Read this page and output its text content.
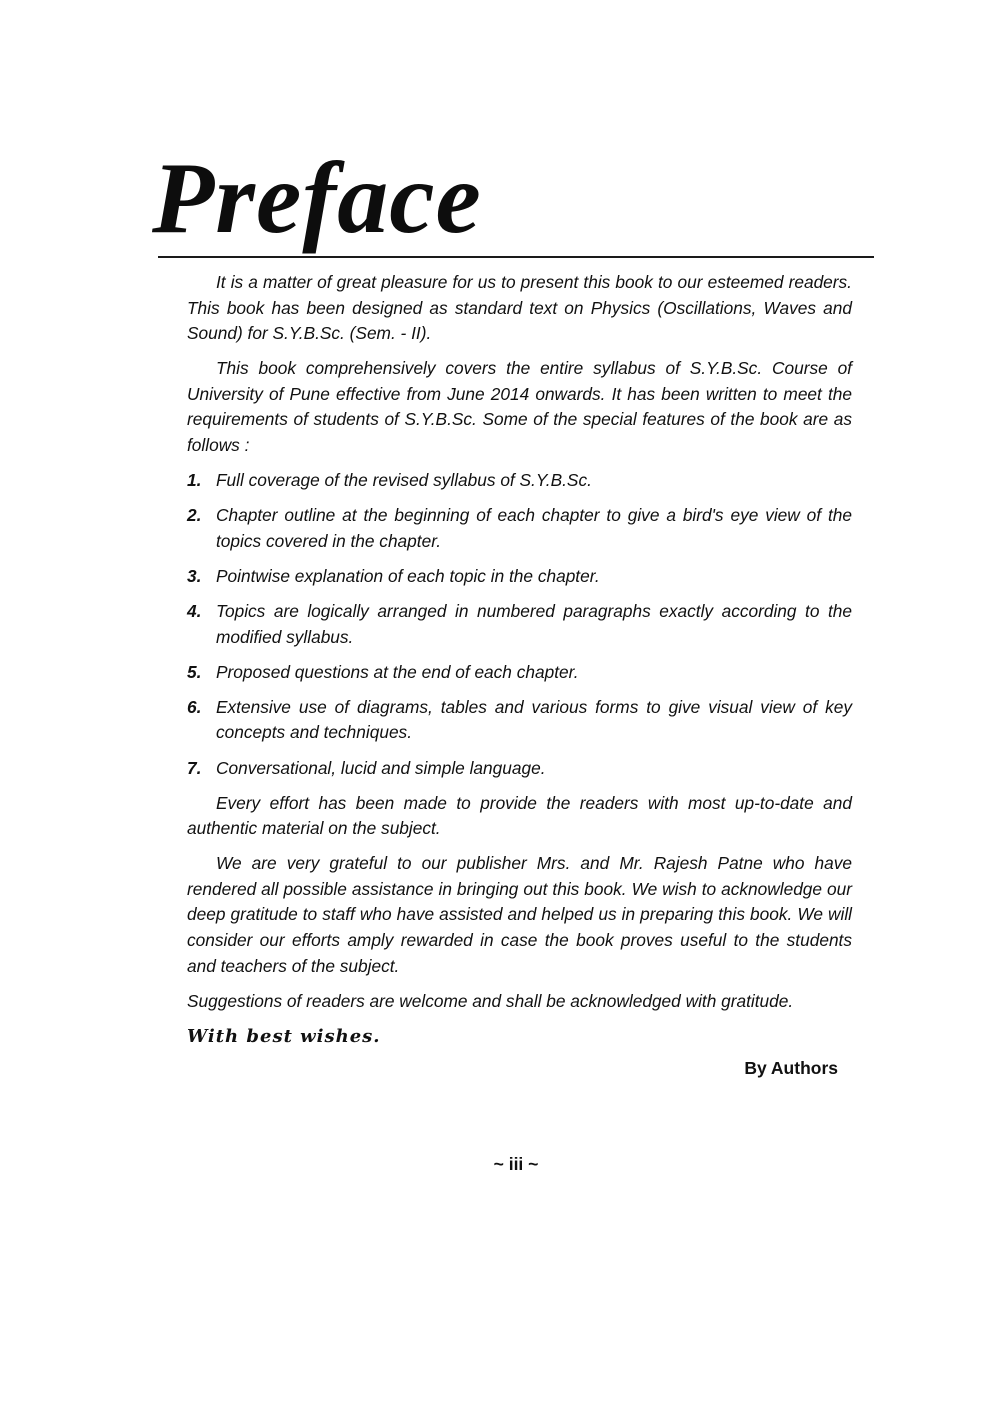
Preface

It is a matter of great pleasure for us to present this book to our esteemed readers. This book has been designed as standard text on Physics (Oscillations, Waves and Sound) for S.Y.B.Sc. (Sem. - II).

This book comprehensively covers the entire syllabus of S.Y.B.Sc. Course of University of Pune effective from June 2014 onwards. It has been written to meet the requirements of students of S.Y.B.Sc. Some of the special features of the book are as follows :

1. Full coverage of the revised syllabus of S.Y.B.Sc.
2. Chapter outline at the beginning of each chapter to give a bird's eye view of the topics covered in the chapter.
3. Pointwise explanation of each topic in the chapter.
4. Topics are logically arranged in numbered paragraphs exactly according to the modified syllabus.
5. Proposed questions at the end of each chapter.
6. Extensive use of diagrams, tables and various forms to give visual view of key concepts and techniques.
7. Conversational, lucid and simple language.

Every effort has been made to provide the readers with most up-to-date and authentic material on the subject.

We are very grateful to our publisher Mrs. and Mr. Rajesh Patne who have rendered all possible assistance in bringing out this book. We wish to acknowledge our deep gratitude to staff who have assisted and helped us in preparing this book. We will consider our efforts amply rewarded in case the book proves useful to the students and teachers of the subject.

Suggestions of readers are welcome and shall be acknowledged with gratitude.

With best wishes.

By Authors
~ iii ~
